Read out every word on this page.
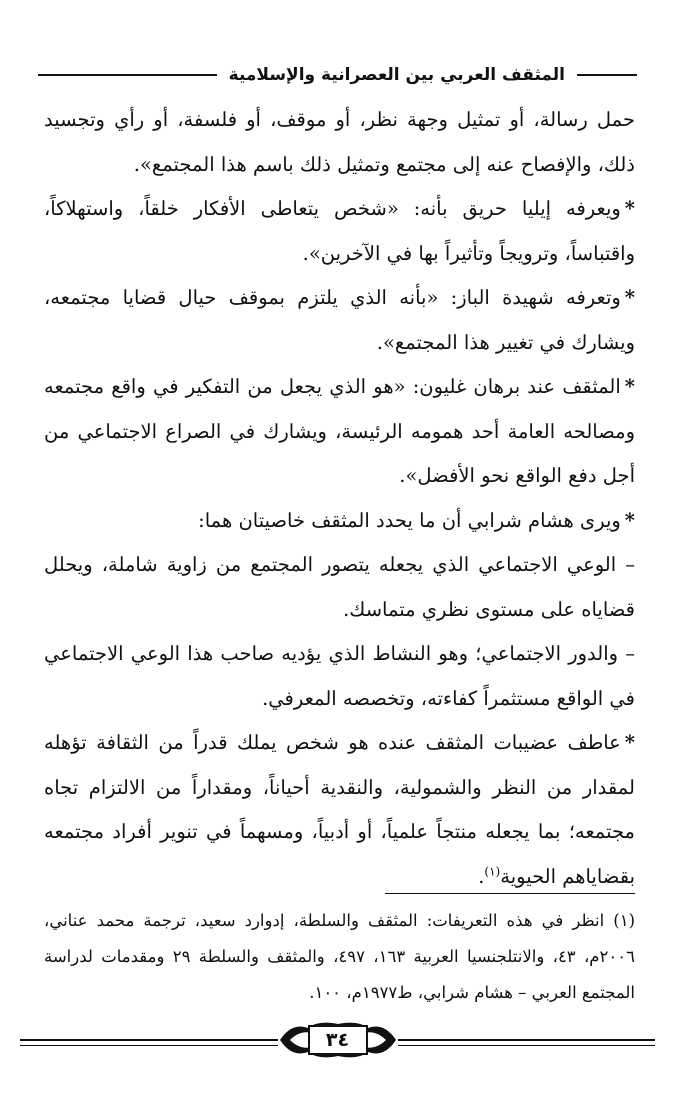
المثقف العربي بين العصرانية والإسلامية

حمل رسالة، أو تمثيل وجهة نظر، أو موقف، أو فلسفة، أو رأي وتجسيد ذلك، والإفصاح عنه إلى مجتمع وتمثيل ذلك باسم هذا المجتمع».

*ويعرفه إيليا حريق بأنه: «شخص يتعاطى الأفكار خلقاً، واستهلاكاً، واقتباساً، وترويجاً وتأثيراً بها في الآخرين».

*وتعرفه شهيدة الباز: «بأنه الذي يلتزم بموقف حيال قضايا مجتمعه، ويشارك في تغيير هذا المجتمع».

*المثقف عند برهان غليون: «هو الذي يجعل من التفكير في واقع مجتمعه ومصالحه العامة أحد همومه الرئيسة، ويشارك في الصراع الاجتماعي من أجل دفع الواقع نحو الأفضل».

*ويرى هشام شرابي أن ما يحدد المثقف خاصيتان هما:

– الوعي الاجتماعي الذي يجعله يتصور المجتمع من زاوية شاملة، ويحلل قضاياه على مستوى نظري متماسك.

– والدور الاجتماعي؛ وهو النشاط الذي يؤديه صاحب هذا الوعي الاجتماعي في الواقع مستثمراً كفاءته، وتخصصه المعرفي.

*عاطف عضيبات المثقف عنده هو شخص يملك قدراً من الثقافة تؤهله لمقدار من النظر والشمولية، والنقدية أحياناً، ومقداراً من الالتزام تجاه مجتمعه؛ بما يجعله منتجاً علمياً، أو أدبياً، ومسهماً في تنوير أفراد مجتمعه بقضاياهم الحيوية$^{(١)}$.

(١) انظر في هذه التعريفات: المثقف والسلطة، إدوارد سعيد، ترجمة محمد عناني، ٢٠٠٦م، ٤٣، والانتلجنسيا العربية ١٦٣، ٤٩٧، والمثقف والسلطة ٢٩ ومقدمات لدراسة المجتمع العربي – هشام شرابي، ط١٩٧٧م، ١٠٠.

٣٤
